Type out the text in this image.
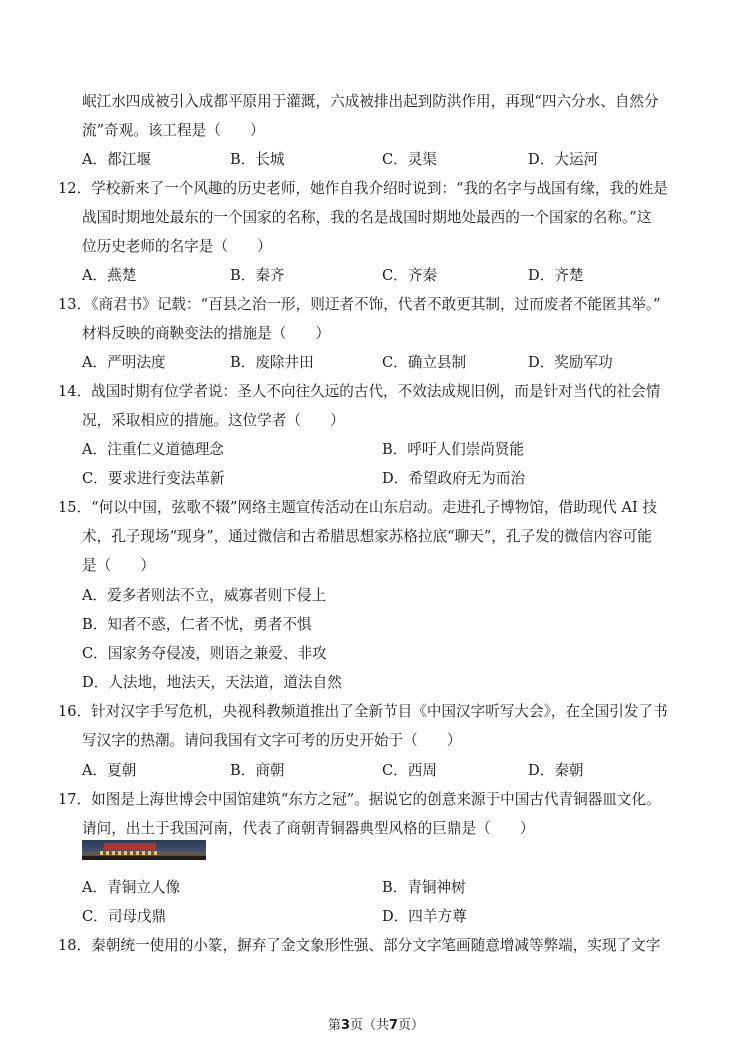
岷江水四成被引入成都平原用于灌溉，六成被排出起到防洪作用，再现“四六分水、自然分
流”奇观。该工程是（　　）
A．都江堰	B．长城	C．灵渠	D．大运河
12．学校新来了一个风趣的历史老师，她作自我介绍时说到：“我的名字与战国有缘，我的姓是
战国时期地处最东的一个国家的名称，我的名是战国时期地处最西的一个国家的名称。”这
位历史老师的名字是（　　）
A．燕楚	B．秦齐	C．齐秦	D．齐楚
13．《商君书》记载：“百县之治一形，则迂者不饰，代者不敢更其制，过而废者不能匿其举。”
材料反映的商鞅变法的措施是（　　）
A．严明法度	B．废除井田	C．确立县制	D．奖励军功
14．战国时期有位学者说：圣人不向往久远的古代，不效法成规旧例，而是针对当代的社会情
况，采取相应的措施。这位学者（　　）
A．注重仁义道德理念	B．呼吁人们崇尚贤能
C．要求进行变法革新	D．希望政府无为而治
15．“何以中国，弦歌不辍”网络主题宣传活动在山东启动。走进孔子博物馆，借助现代 AI 技
术，孔子现场“现身”，通过微信和古希腊思想家苏格拉底“聊天”，孔子发的微信内容可能
是（　　）
A．爱多者则法不立，威寡者则下侵上
B．知者不惑，仁者不忧，勇者不惧
C．国家务夺侵凌，则语之兼爱、非攻
D．人法地，地法天，天法道，道法自然
16．针对汉字手写危机，央视科教频道推出了全新节目《中国汉字听写大会》，在全国引发了书
写汉字的热潮。请问我国有文字可考的历史开始于（　　）
A．夏朝	B．商朝	C．西周	D．秦朝
17．如图是上海世博会中国馆建筑“东方之冠”。据说它的创意来源于中国古代青铜器皿文化。
请问，出土于我国河南，代表了商朝青铜器典型风格的巨鼎是（　　）
A．青铜立人像	B．青铜神树
C．司母戊鼎	D．四羊方尊
18．秦朝统一使用的小篆，摒弃了金文象形性强、部分文字笔画随意增减等弊端，实现了文字
第3页（共7页）
